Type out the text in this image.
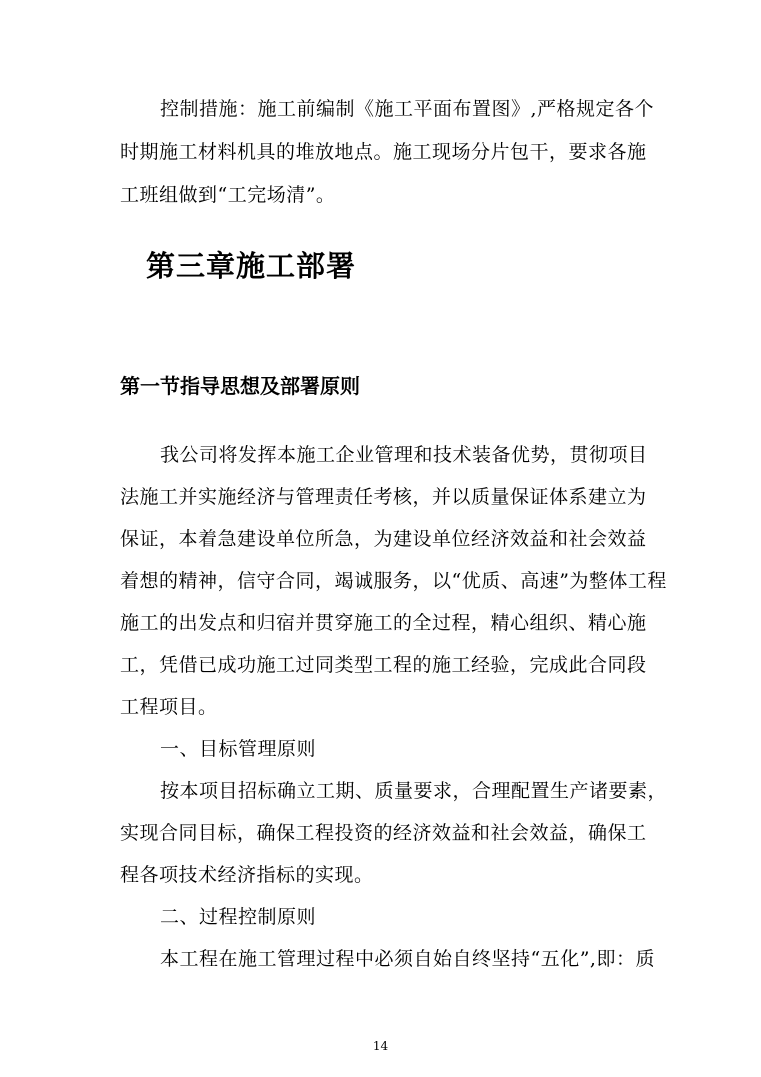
控制措施：施工前编制《施工平面布置图》,严格规定各个
时期施工材料机具的堆放地点。施工现场分片包干，要求各施
工班组做到“工完场清”。
第三章施工部署
第一节指导思想及部署原则
我公司将发挥本施工企业管理和技术装备优势，贯彻项目
法施工并实施经济与管理责任考核，并以质量保证体系建立为
保证，本着急建设单位所急，为建设单位经济效益和社会效益
着想的精神，信守合同，竭诚服务，以“优质、高速”为整体工程
施工的出发点和归宿并贯穿施工的全过程，精心组织、精心施
工，凭借已成功施工过同类型工程的施工经验，完成此合同段
工程项目。
一、目标管理原则
按本项目招标确立工期、质量要求，合理配置生产诸要素，
实现合同目标，确保工程投资的经济效益和社会效益，确保工
程各项技术经济指标的实现。
二、过程控制原则
本工程在施工管理过程中必须自始自终坚持“五化”,即：质
14
